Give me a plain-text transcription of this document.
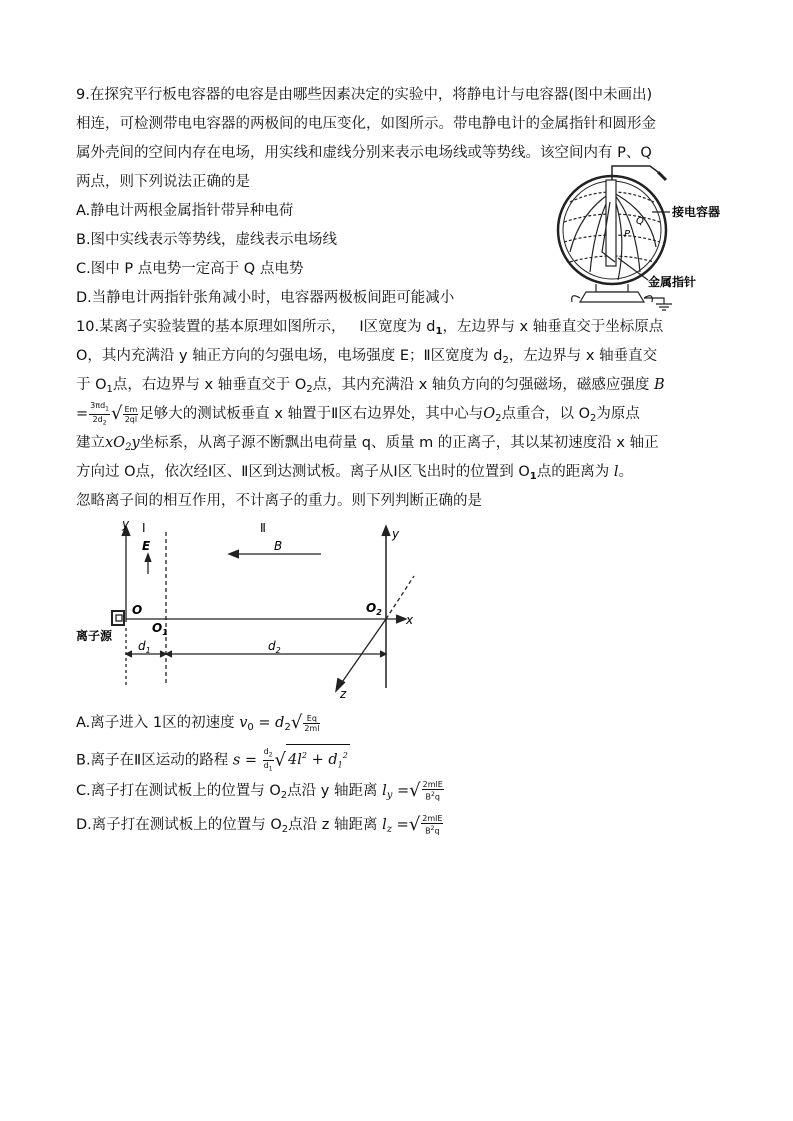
9.在探究平行板电容器的电容是由哪些因素决定的实验中，将静电计与电容器(图中未画出)
相连，可检测带电电容器的两极间的电压变化，如图所示。带电静电计的金属指针和圆形金
属外壳间的空间内存在电场，用实线和虚线分别来表示电场线或等势线。该空间内有 P、Q
两点，则下列说法正确的是
A.静电计两根金属指针带异种电荷
B.图中实线表示等势线，虚线表示电场线
C.图中 P 点电势一定高于 Q 点电势
D.当静电计两指针张角减小时，电容器两极板间距可能减小
P
Q
接电容器
金属指针
10.某离子实验装置的基本原理如图所示， Ⅰ区宽度为 $d_1$，左边界与 x 轴垂直交于坐标原点
O，其内充满沿 y 轴正方向的匀强电场，电场强度 E；Ⅱ区宽度为 $d_2$，左边界与 x 轴垂直交
于 $O_1$点，右边界与 x 轴垂直交于 $O_2$点，其内充满沿 x 轴负方向的匀强磁场，磁感应强度 B
= $\frac{3\pi d_1}{2d_2}$ √ $\frac{Em}{2ql}$ 足够大的测试板垂直 x 轴置于Ⅱ区右边界处，其中心与$O_2$点重合，以 $O_2$为原点
建立$xO_2y$坐标系，从离子源不断飘出电荷量 q、质量 m 的正离子，其以某初速度沿 x 轴正
方向过 O点，依次经Ⅰ区、Ⅱ区到达测试板。离子从Ⅰ区飞出时的位置到 $O_1$点的距离为 l。
忽略离子间的相互作用，不计离子的重力。则下列判断正确的是
y Ⅰ
E
Ⅱ
B
y
x
z
O
$O_1$
$O_2$
离子源
$d_1$	$d_2$
A.离子进入 1区的初速度 $v_0 = d_2√ \frac{Eq}{2ml}$
B.离子在Ⅱ区运动的路程 $s = \frac{d_2}{d_1}$ √ $4l^2 + d_1^2$
C.离子打在测试板上的位置与 $O_2$点沿 y 轴距离 $l_y$ =√ $\frac{\text{2mlE}}{B^2q}$
D.离子打在测试板上的位置与 $O_2$点沿 z 轴距离 $l_z$ =√ $\frac{\text{2mlE}}{B^2q}$
